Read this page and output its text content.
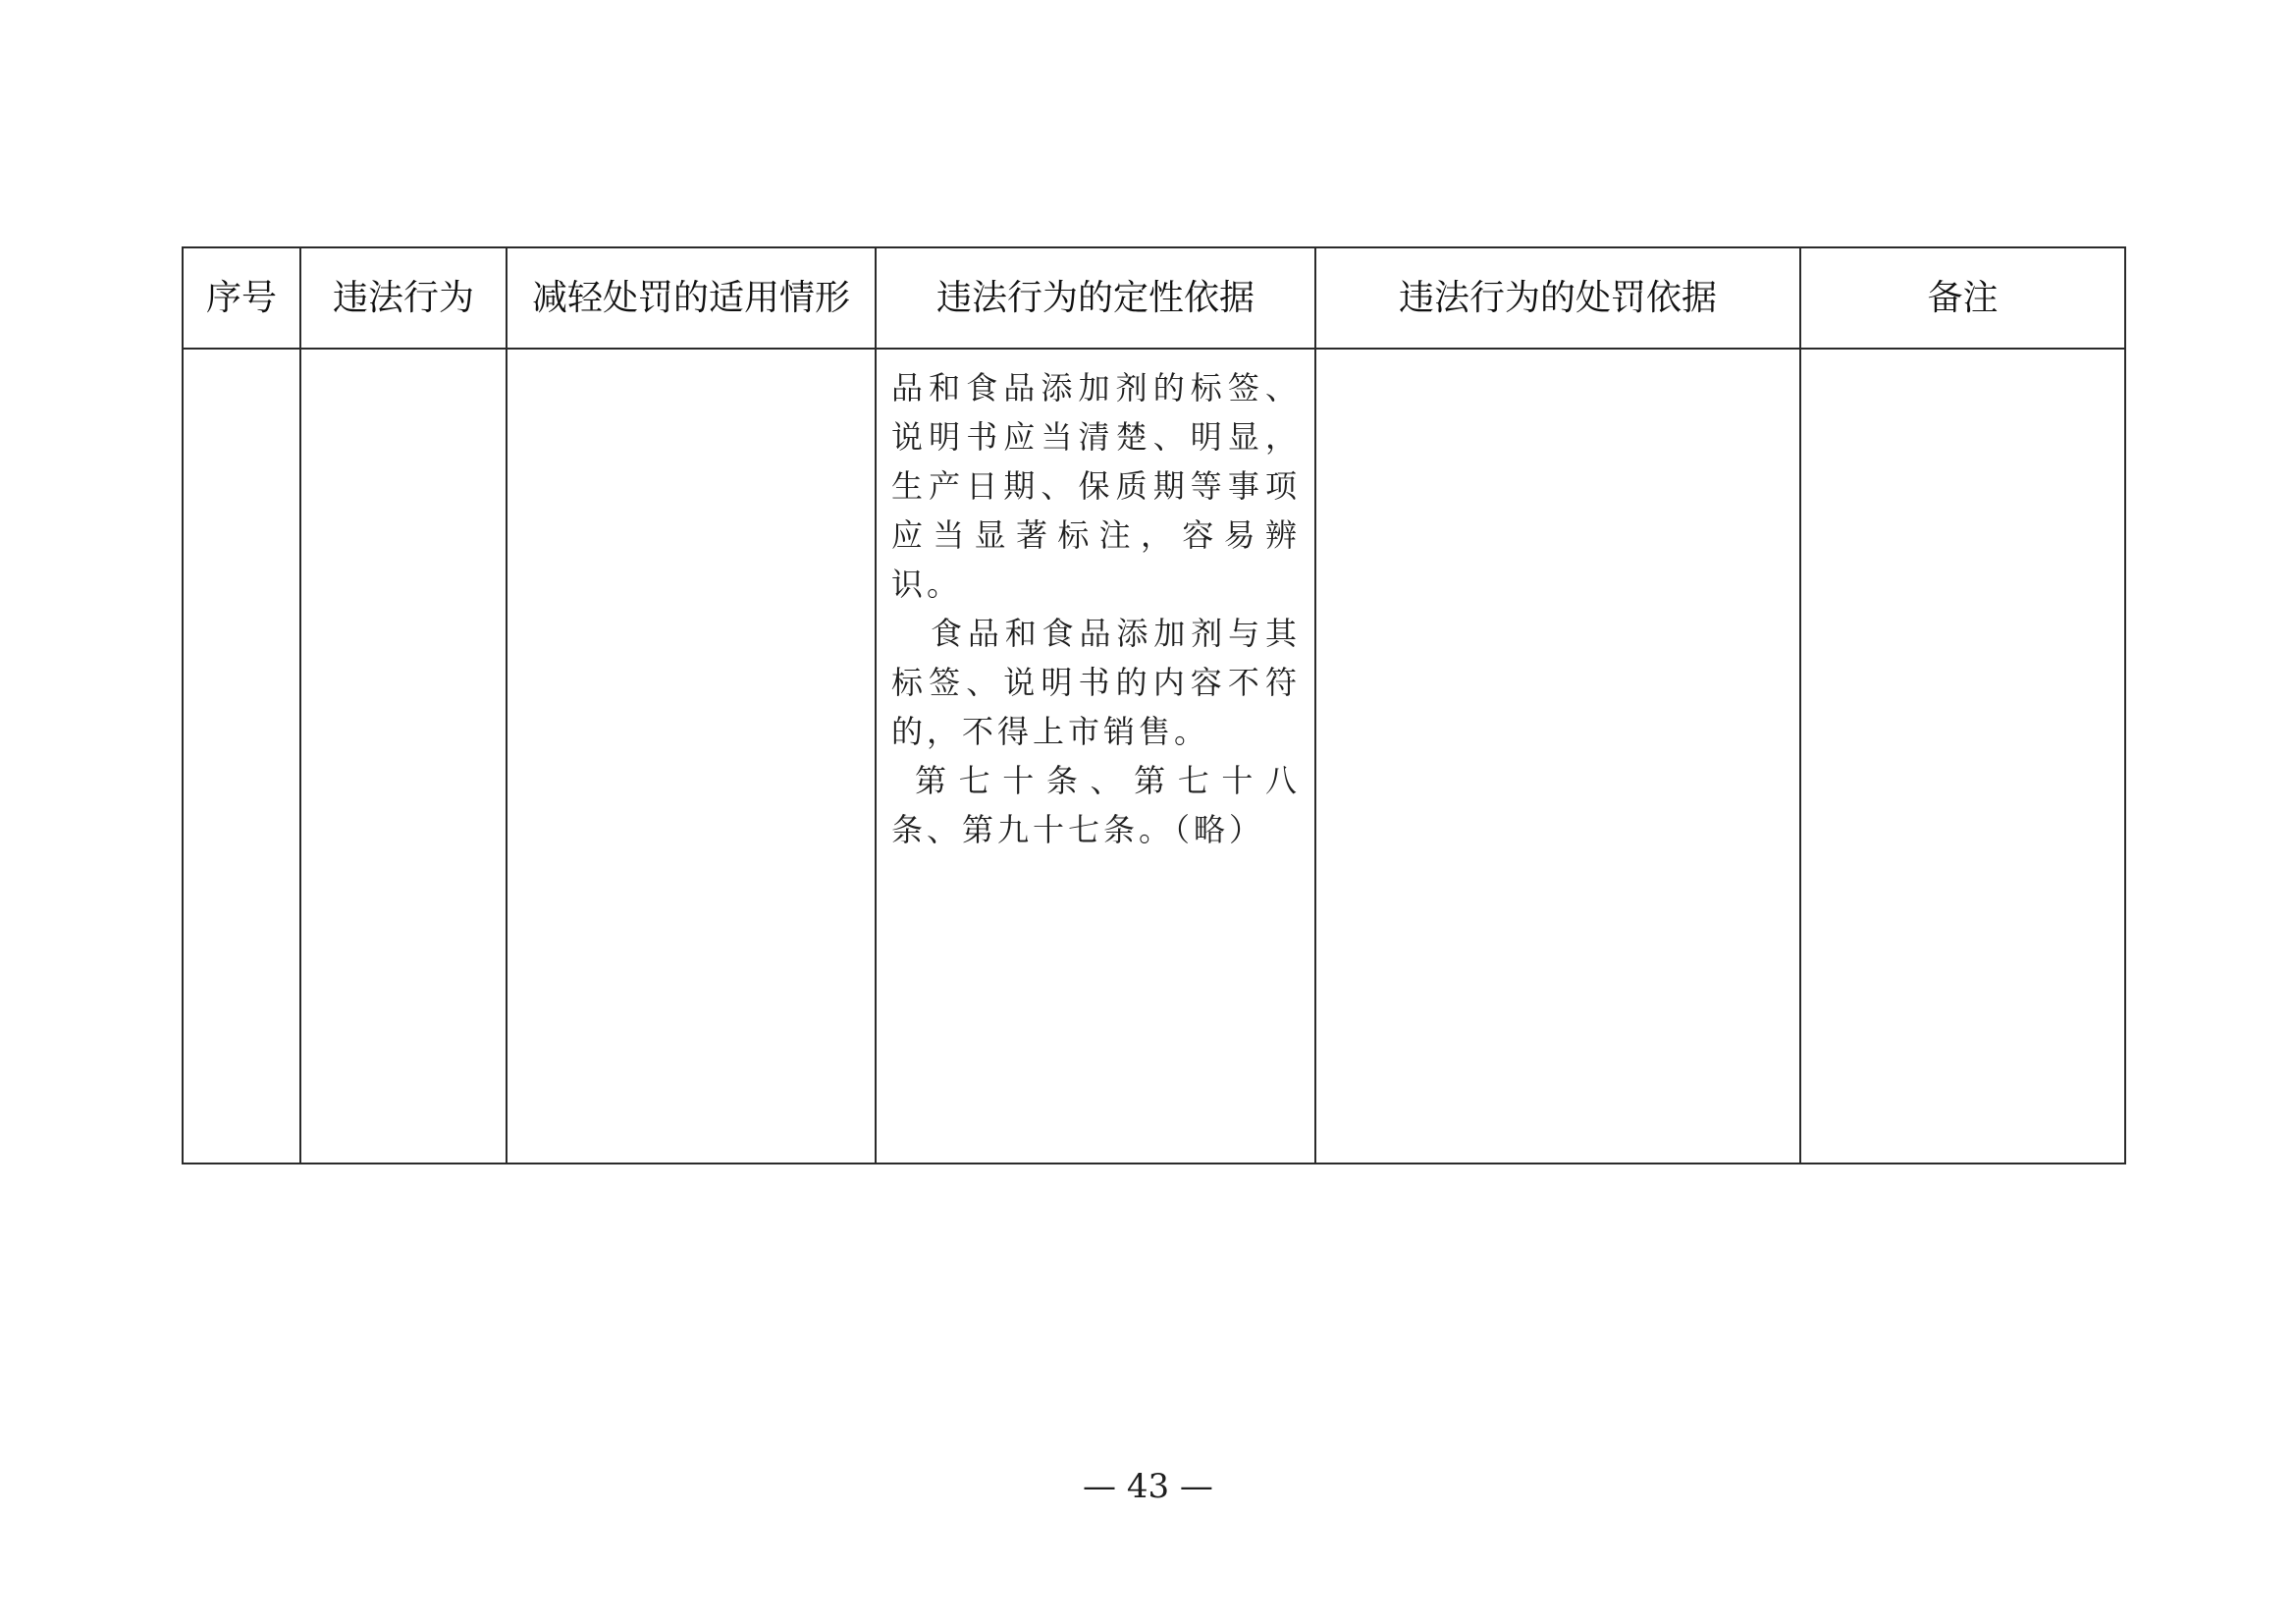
序号	违法行为	减轻处罚的适用情形	违法行为的定性依据	违法行为的处罚依据	备注

			品和食品添加剂的标签、说明书应当清楚、明显，生产日期、保质期等事项应当显著标注，容易辨识。

食品和食品添加剂与其标签、说明书的内容不符的，不得上市销售。

第七十条、第七十八条、第九十七条。（略）		

— 43 —
